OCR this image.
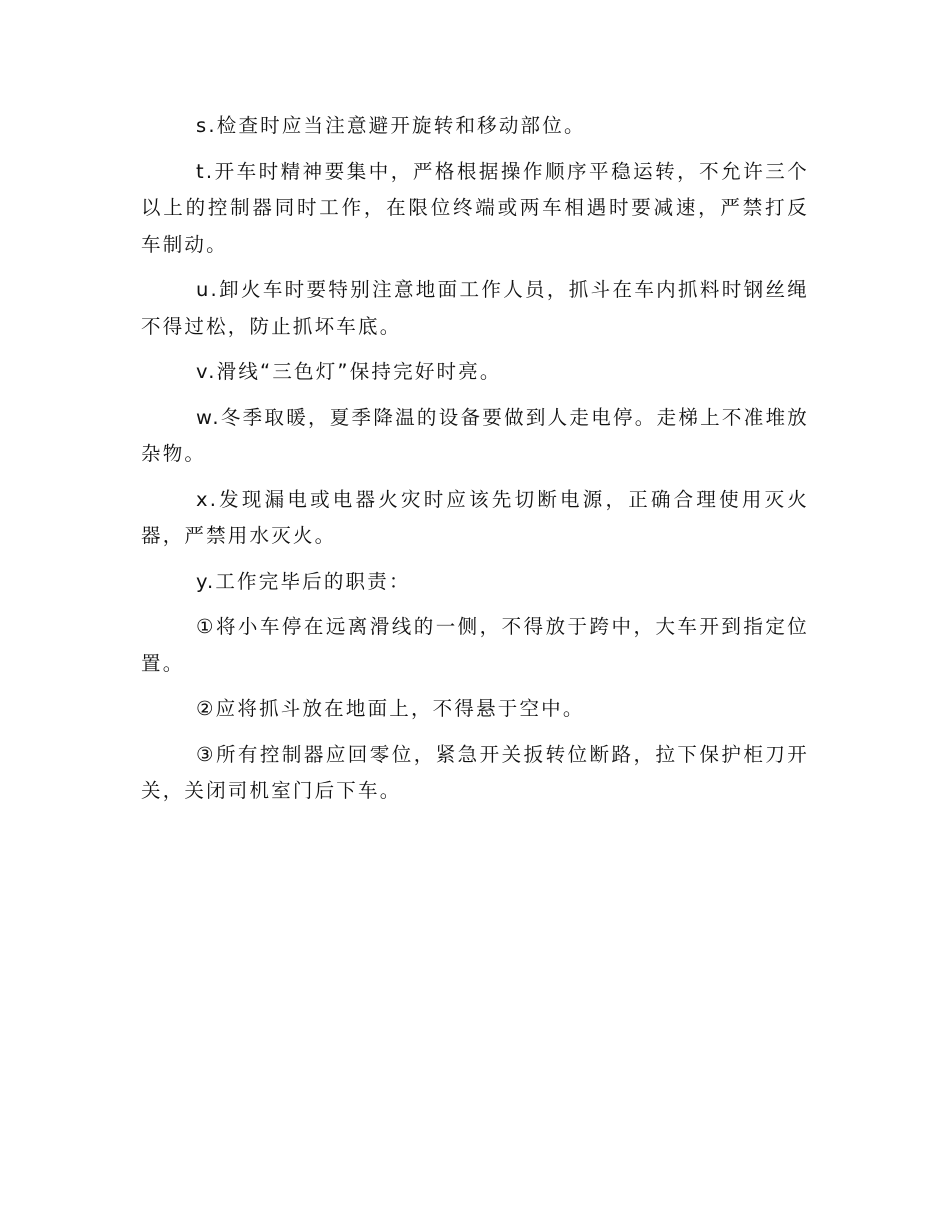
s.检查时应当注意避开旋转和移动部位。

t.开车时精神要集中，严格根据操作顺序平稳运转，不允许三个以上的控制器同时工作，在限位终端或两车相遇时要减速，严禁打反车制动。

u.卸火车时要特别注意地面工作人员，抓斗在车内抓料时钢丝绳不得过松，防止抓坏车底。

v.滑线“三色灯”保持完好时亮。

w.冬季取暖，夏季降温的设备要做到人走电停。走梯上不准堆放杂物。

x.发现漏电或电器火灾时应该先切断电源，正确合理使用灭火器，严禁用水灭火。

y.工作完毕后的职责：

①将小车停在远离滑线的一侧，不得放于跨中，大车开到指定位置。

②应将抓斗放在地面上，不得悬于空中。

③所有控制器应回零位，紧急开关扳转位断路，拉下保护柜刀开关，关闭司机室门后下车。
